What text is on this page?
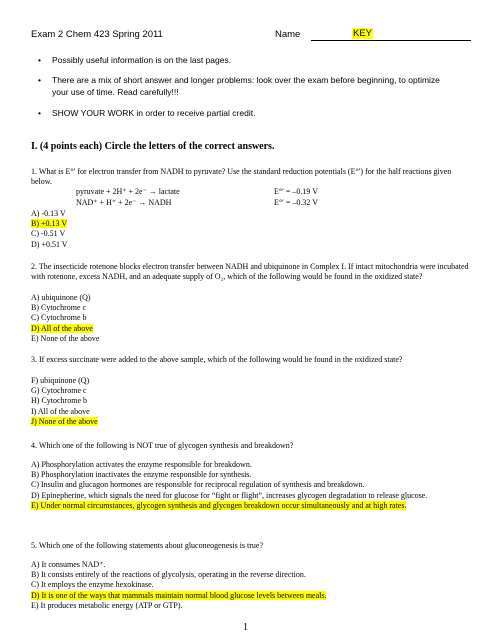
Exam 2 Chem 423 Spring 2011	Name	KEY
• Possibly useful information is on the last pages.
• There are a mix of short answer and longer problems: look over the exam before beginning, to optimize your use of time. Read carefully!!!
• SHOW YOUR WORK in order to receive partial credit.
I. (4 points each) Circle the letters of the correct answers.
1. What is E°′ for electron transfer from NADH to pyruvate? Use the standard reduction potentials (E°′) for the half reactions given below.
pyruvate + 2H⁺ + 2e⁻ → lactate	E°′ = –0.19 V
NAD⁺ + H⁺ + 2e⁻ → NADH	E°′ = –0.32 V
A) -0.13 V
B) +0.13 V
C) -0.51 V
D) +0.51 V
2. The insecticide rotenone blocks electron transfer between NADH and ubiquinone in Complex I. If intact mitochondria were incubated with rotenone, excess NADH, and an adequate supply of O₂, which of the following would be found in the oxidized state?
A) ubiquinone (Q)
B) Cytochrome c
C) Cytochrome b
D) All of the above
E) None of the above
3. If excess succinate were added to the above sample, which of the following would be found in the oxidized state?
F) ubiquinone (Q)
G) Cytochrome c
H) Cytochrome b
I) All of the above
J) None of the above
4. Which one of the following is NOT true of glycogen synthesis and breakdown?
A) Phosphorylation activates the enzyme responsible for breakdown.
B) Phosphorylation inactivates the enzyme responsible for synthesis.
C) Insulin and glucagon hormones are responsible for reciprocal regulation of synthesis and breakdown.
D) Epinepherine, which signals the need for glucose for “fight or flight”, increases glycogen degradation to release glucose.
E) Under normal circumstances, glycogen synthesis and glycogen breakdown occur simultaneously and at high rates.
5. Which one of the following statements about gluconeogenesis is true?
A) It consumes NAD⁺.
B) It consists entirely of the reactions of glycolysis, operating in the reverse direction.
C) It employs the enzyme hexokinase.
D) It is one of the ways that mammals maintain normal blood glucose levels between meals.
E) It produces metabolic energy (ATP or GTP).
1
